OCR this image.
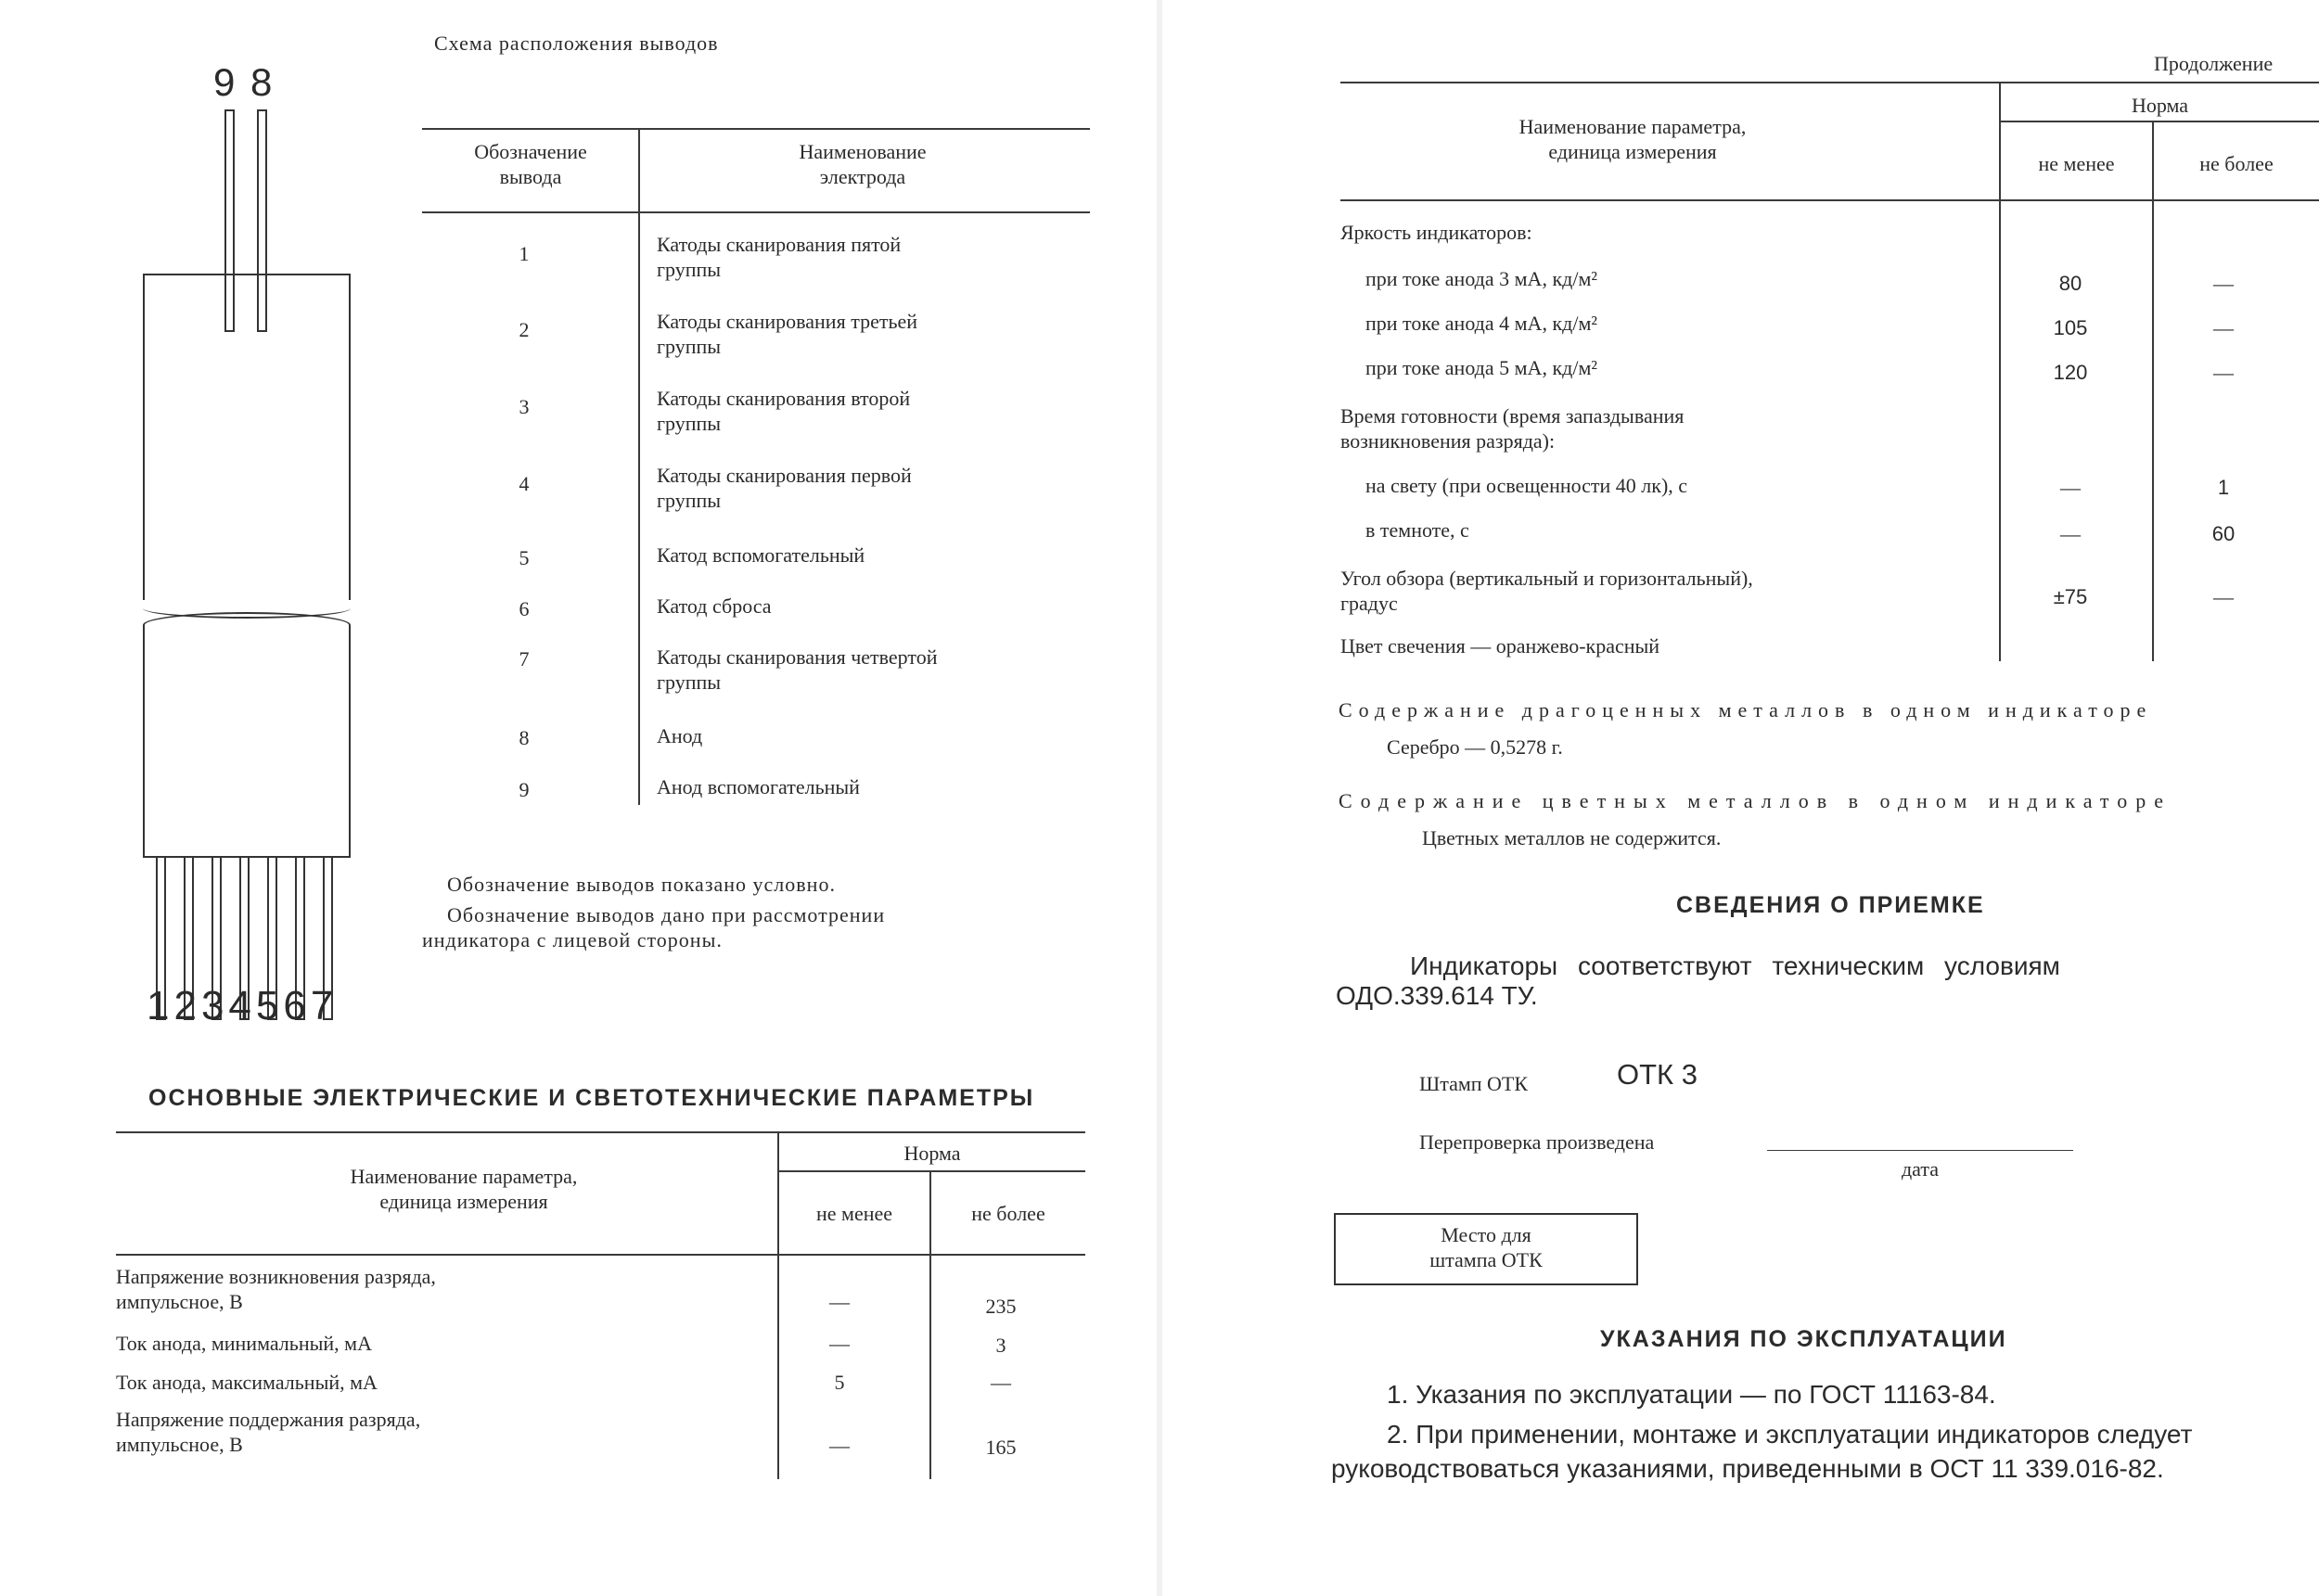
9 8
1234567
Схема расположения выводов
Обозначение
вывода
Наименование
электрода
1	Катоды сканирования пятой
группы
2	Катоды сканирования третьей
группы
3	Катоды сканирования второй
группы
4	Катоды сканирования первой
группы
5	Катод вспомогательный
6	Катод сброса
7	Катоды сканирования четвертой
группы
8	Анод
9	Анод вспомогательный
Обозначение выводов показано условно.
Обозначение выводов дано при рассмотрении
индикатора с лицевой стороны.
ОСНОВНЫЕ ЭЛЕКТРИЧЕСКИЕ И СВЕТОТЕХНИЧЕСКИЕ ПАРАМЕТРЫ
Наименование параметра,
единица измерения
Норма
не менее	не более
Напряжение возникновения разряда,
импульсное, В	—	235
Ток анода, минимальный, мА	—	3
Ток анода, максимальный, мА	5	—
Напряжение поддержания разряда,
импульсное, В	—	165
Продолжение
Наименование параметра,
единица измерения
Норма
не менее	не более
Яркость индикаторов:
при токе анода 3 мА, кд/м²	80	—
при токе анода 4 мА, кд/м²	105	—
при токе анода 5 мА, кд/м²	120	—
Время готовности (время запаздывания
возникновения разряда):
на свету (при освещенности 40 лк), с	—	1
в темноте, с	—	60
Угол обзора (вертикальный и горизонтальный),
градус	±75	—
Цвет свечения — оранжево-красный
Содержание драгоценных металлов в одном индикаторе
Серебро — 0,5278 г.
Содержание цветных металлов в одном индикаторе
Цветных металлов не содержится.
СВЕДЕНИЯ О ПРИЕМКЕ
Индикаторы соответствуют техническим условиям
ОДО.339.614 ТУ.
Штамп ОТК	ОТК 3
Перепроверка произведена
дата
Место для
штампа ОТК
УКАЗАНИЯ ПО ЭКСПЛУАТАЦИИ
1. Указания по эксплуатации — по ГОСТ 11163-84.
2. При применении, монтаже и эксплуатации индикаторов следует
руководствоваться указаниями, приведенными в ОСТ 11 339.016-82.
